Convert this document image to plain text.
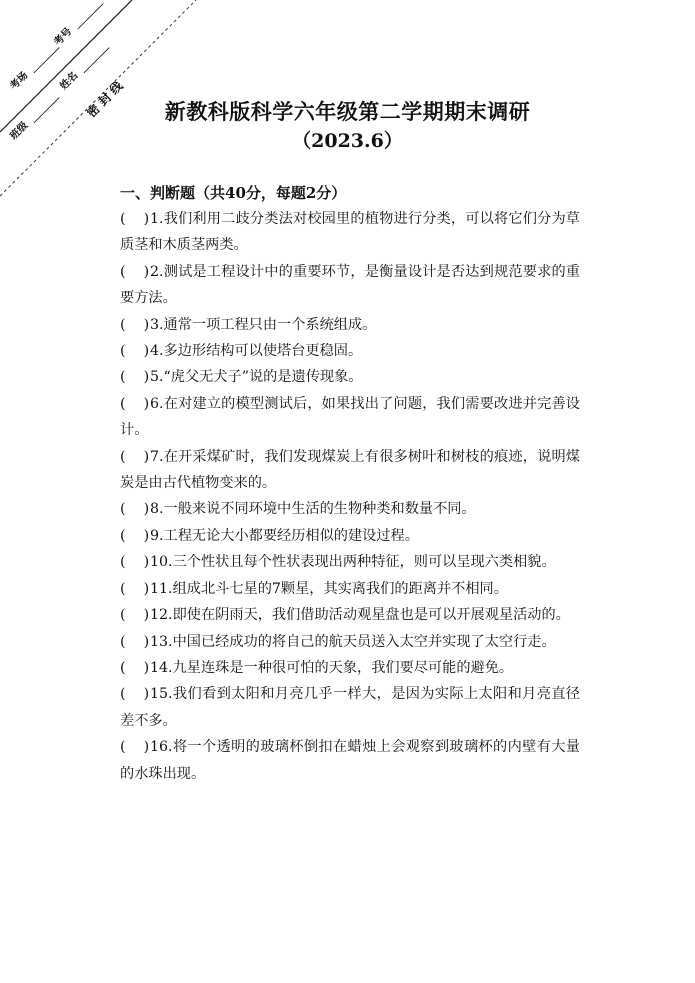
考场
考号
班级
姓名 密 封 线	新教科版科学六年级第二学期期末调研
（2023.6）
一、判断题（共40分，每题2分）

(    )1.我们利用二歧分类法对校园里的植物进行分类，可以将它们分为草质茎和木质茎两类。

(    )2.测试是工程设计中的重要环节，是衡量设计是否达到规范要求的重要方法。

(    )3.通常一项工程只由一个系统组成。

(    )4.多边形结构可以使塔台更稳固。

(    )5.“虎父无犬子”说的是遗传现象。

(    )6.在对建立的模型测试后，如果找出了问题，我们需要改进并完善设计。

(    )7.在开采煤矿时，我们发现煤炭上有很多树叶和树枝的痕迹，说明煤炭是由古代植物变来的。

(    )8.一般来说不同环境中生活的生物种类和数量不同。

(    )9.工程无论大小都要经历相似的建设过程。

(    )10.三个性状且每个性状表现出两种特征，则可以呈现六类相貌。

(    )11.组成北斗七星的7颗星，其实离我们的距离并不相同。

(    )12.即使在阴雨天，我们借助活动观星盘也是可以开展观星活动的。

(    )13.中国已经成功的将自己的航天员送入太空并实现了太空行走。

(    )14.九星连珠是一种很可怕的天象，我们要尽可能的避免。

(    )15.我们看到太阳和月亮几乎一样大，是因为实际上太阳和月亮直径差不多。

(    )16.将一个透明的玻璃杯倒扣在蜡烛上会观察到玻璃杯的内壁有大量的水珠出现。
